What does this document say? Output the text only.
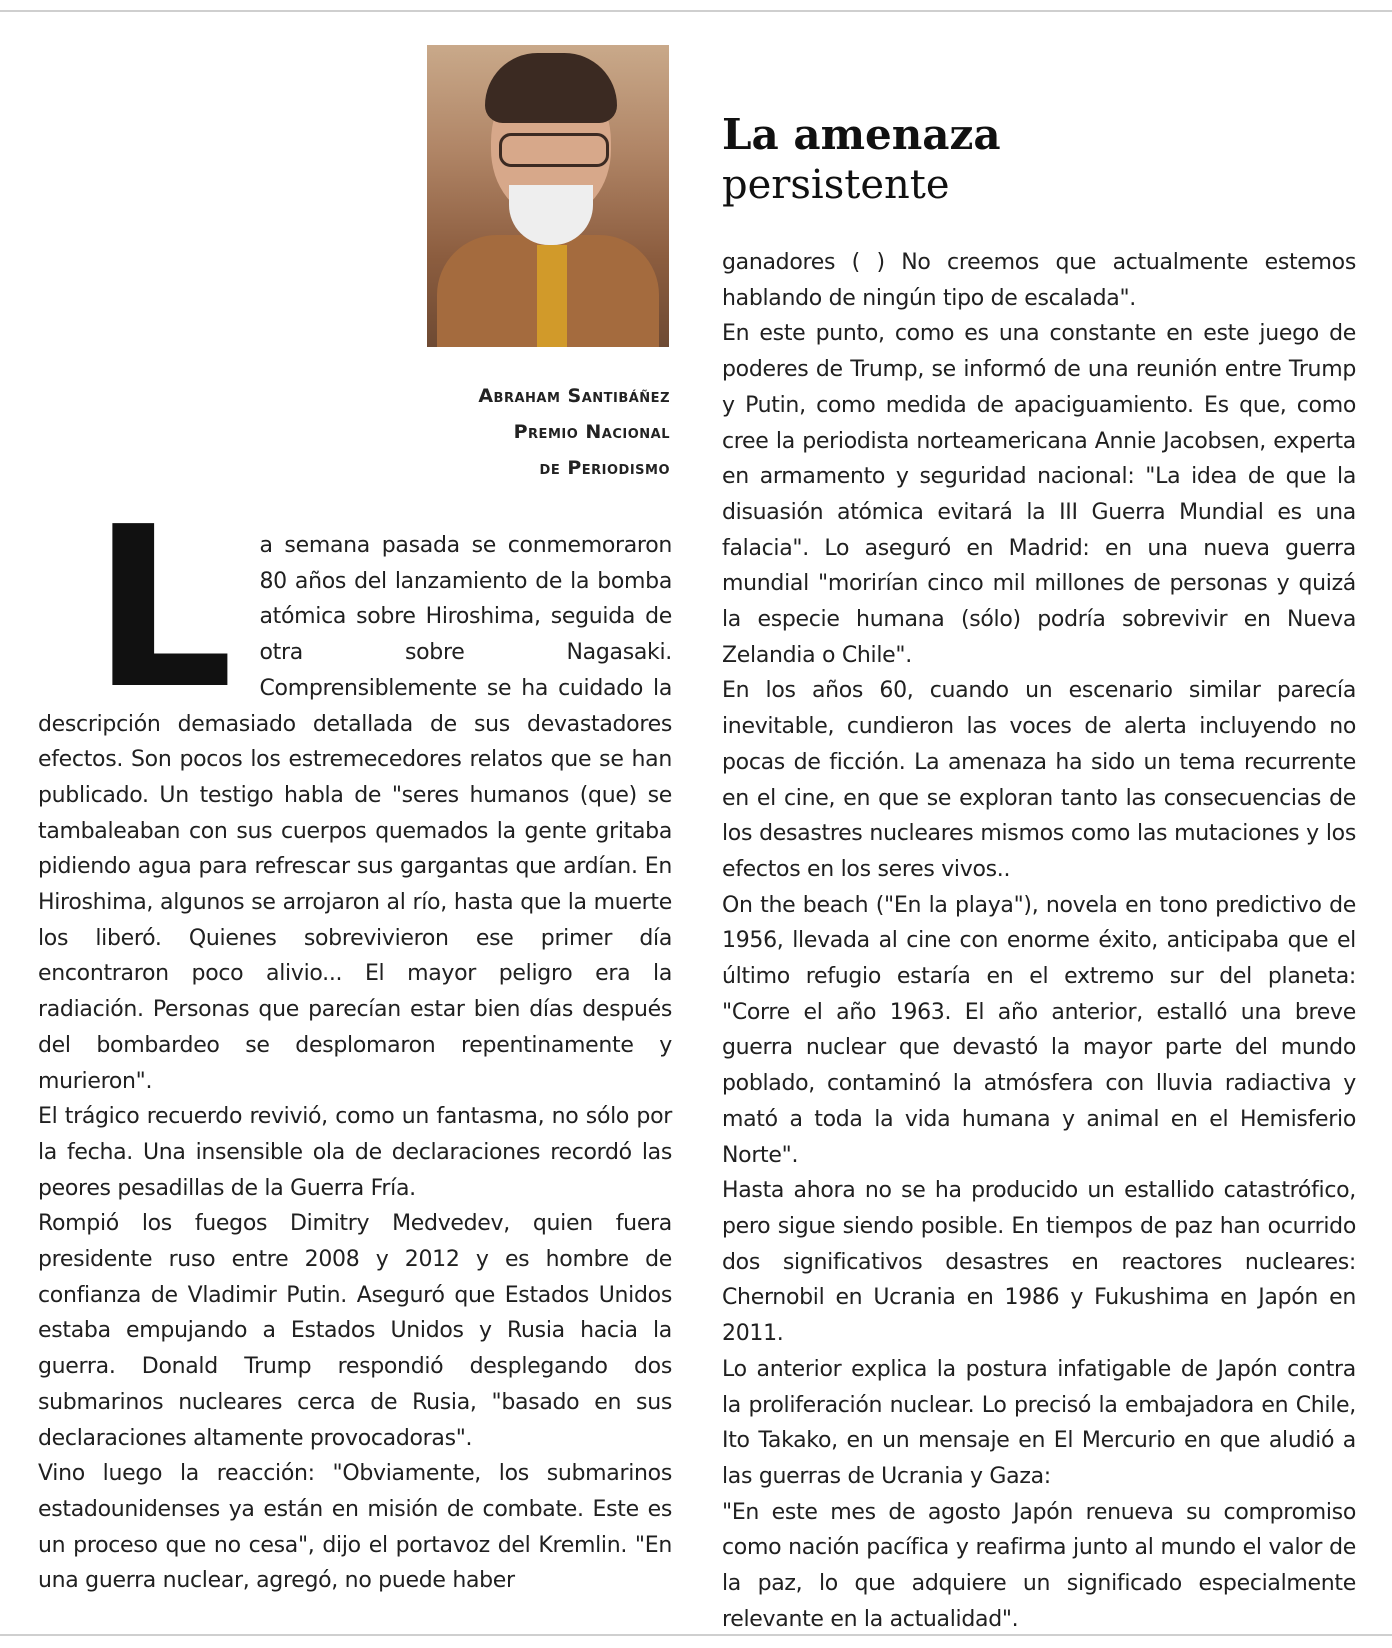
Abraham Santibáñez
Premio Nacional
de Periodismo
La amenaza
persistente

L a semana pasada se conmemoraron 80 años del lanzamiento de la bomba atómica sobre Hiroshima, seguida de otra sobre Nagasaki. Comprensiblemente se ha cuidado la descripción demasiado detallada de sus devastadores efectos. Son pocos los estremecedores relatos que se han publicado. Un testigo habla de "seres humanos (que) se tambaleaban con sus cuerpos quemados la gente gritaba pidiendo agua para refrescar sus gargantas que ardían. En Hiroshima, algunos se arrojaron al río, hasta que la muerte los liberó. Quienes sobrevivieron ese primer día encontraron poco alivio... El mayor peligro era la radiación. Personas que parecían estar bien días después del bombardeo se desplomaron repentinamente y murieron".

El trágico recuerdo revivió, como un fantasma, no sólo por la fecha. Una insensible ola de declaraciones recordó las peores pesadillas de la Guerra Fría.

Rompió los fuegos Dimitry Medvedev, quien fuera presidente ruso entre 2008 y 2012 y es hombre de confianza de Vladimir Putin. Aseguró que Estados Unidos estaba empujando a Estados Unidos y Rusia hacia la guerra. Donald Trump respondió desplegando dos submarinos nucleares cerca de Rusia, "basado en sus declaraciones altamente provocadoras".

Vino luego la reacción: "Obviamente, los submarinos estadounidenses ya están en misión de combate. Este es un proceso que no cesa", dijo el portavoz del Kremlin. "En una guerra nuclear, agregó, no puede haber

ganadores ( ) No creemos que actualmente estemos hablando de ningún tipo de escalada".

En este punto, como es una constante en este juego de poderes de Trump, se informó de una reunión entre Trump y Putin, como medida de apaciguamiento. Es que, como cree la periodista norteamericana Annie Jacobsen, experta en armamento y seguridad nacional: "La idea de que la disuasión atómica evitará la III Guerra Mundial es una falacia". Lo aseguró en Madrid: en una nueva guerra mundial "morirían cinco mil millones de personas y quizá la especie humana (sólo) podría sobrevivir en Nueva Zelandia o Chile".

En los años 60, cuando un escenario similar parecía inevitable, cundieron las voces de alerta incluyendo no pocas de ficción. La amenaza ha sido un tema recurrente en el cine, en que se exploran tanto las consecuencias de los desastres nucleares mismos como las mutaciones y los efectos en los seres vivos..

On the beach ("En la playa"), novela en tono predictivo de 1956, llevada al cine con enorme éxito, anticipaba que el último refugio estaría en el extremo sur del planeta: "Corre el año 1963. El año anterior, estalló una breve guerra nuclear que devastó la mayor parte del mundo poblado, contaminó la atmósfera con lluvia radiactiva y mató a toda la vida humana y animal en el Hemisferio Norte".

Hasta ahora no se ha producido un estallido catastrófico, pero sigue siendo posible. En tiempos de paz han ocurrido dos significativos desastres en reactores nucleares: Chernobil en Ucrania en 1986 y Fukushima en Japón en 2011.

Lo anterior explica la postura infatigable de Japón contra la proliferación nuclear. Lo precisó la embajadora en Chile, Ito Takako, en un mensaje en El Mercurio en que aludió a las guerras de Ucrania y Gaza:

"En este mes de agosto Japón renueva su compromiso como nación pacífica y reafirma junto al mundo el valor de la paz, lo que adquiere un significado especialmente relevante en la actualidad".
